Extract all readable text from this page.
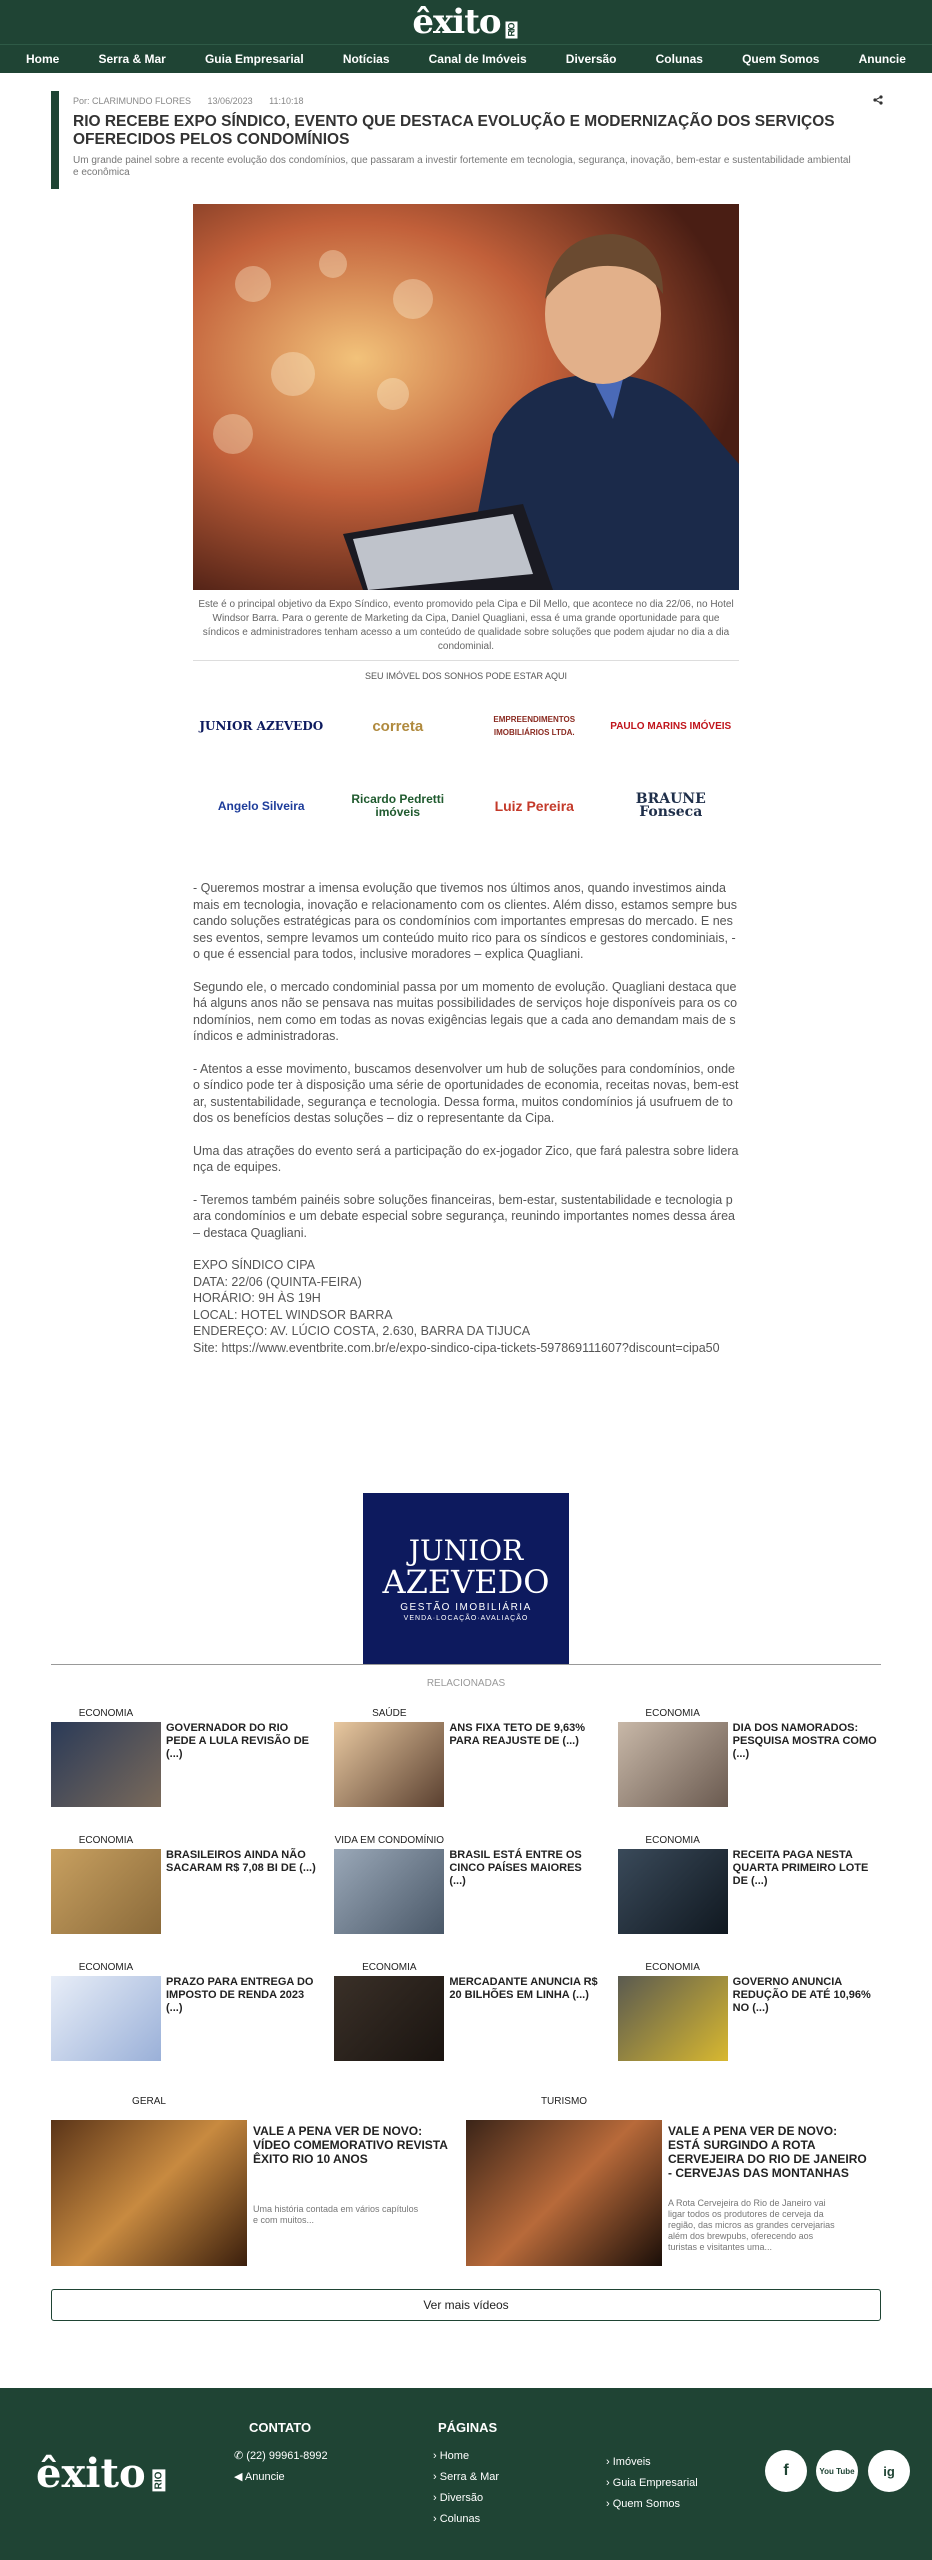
êxito RIO
Home	Serra & Mar	Guia Empresarial	Notícias	Canal de Imóveis	Diversão	Colunas	Quem Somos	Anuncie
Por: CLARIMUNDO FLORES 13/06/2023 11:10:18
RIO RECEBE EXPO SÍNDICO, EVENTO QUE DESTACA EVOLUÇÃO E MODERNIZAÇÃO DOS SERVIÇOS OFERECIDOS PELOS CONDOMÍNIOS
Um grande painel sobre a recente evolução dos condomínios, que passaram a investir fortemente em tecnologia, segurança, inovação, bem-estar e sustentabilidade ambiental e econômica
Este é o principal objetivo da Expo Síndico, evento promovido pela Cipa e Dil Mello, que acontece no dia 22/06, no Hotel Windsor Barra. Para o gerente de Marketing da Cipa, Daniel Quagliani, essa é uma grande oportunidade para que síndicos e administradores tenham acesso a um conteúdo de qualidade sobre soluções que podem ajudar no dia a dia condominial.
SEU IMÓVEL DOS SONHOS PODE ESTAR AQUI
JUNIOR AZEVEDO	correta	EMPREENDIMENTOS IMOBILIÁRIOS LTDA.
PAULO MARINS IMÓVEIS
Angelo Silveira	Ricardo Pedretti imóveis	Luiz Pereira	BRAUNE Fonseca

- Queremos mostrar a imensa evolução que tivemos nos últimos anos, quando investimos ainda mais em tecnologia, inovação e relacionamento com os clientes. Além disso, estamos sempre buscando soluções estratégicas para os condomínios com importantes empresas do mercado. E nesses eventos, sempre levamos um conteúdo muito rico para os síndicos e gestores condominiais, - o que é essencial para todos, inclusive moradores – explica Quagliani.

Segundo ele, o mercado condominial passa por um momento de evolução. Quagliani destaca que há alguns anos não se pensava nas muitas possibilidades de serviços hoje disponíveis para os condomínios, nem como em todas as novas exigências legais que a cada ano demandam mais de síndicos e administradoras.

- Atentos a esse movimento, buscamos desenvolver um hub de soluções para condomínios, onde o síndico pode ter à disposição uma série de oportunidades de economia, receitas novas, bem-estar, sustentabilidade, segurança e tecnologia. Dessa forma, muitos condomínios já usufruem de todos os benefícios destas soluções – diz o representante da Cipa.

Uma das atrações do evento será a participação do ex-jogador Zico, que fará palestra sobre liderança de equipes.

- Teremos também painéis sobre soluções financeiras, bem-estar, sustentabilidade e tecnologia para condomínios e um debate especial sobre segurança, reunindo importantes nomes dessa área – destaca Quagliani.

EXPO SÍNDICO CIPA
DATA: 22/06 (QUINTA-FEIRA)
HORÁRIO: 9H ÀS 19H
LOCAL: HOTEL WINDSOR BARRA
ENDEREÇO: AV. LÚCIO COSTA, 2.630, BARRA DA TIJUCA
Site: https://www.eventbrite.com.br/e/expo-sindico-cipa-tickets-597869111607?discount=cipa50

JUNIOR
AZEVEDO
GESTÃO IMOBILIÁRIA
VENDA·LOCAÇÃO·AVALIAÇÃO
RELACIONADAS
ECONOMIA
GOVERNADOR DO RIO PEDE A LULA REVISÃO DE (...)
SAÚDE
ANS FIXA TETO DE 9,63% PARA REAJUSTE DE (...)
ECONOMIA
DIA DOS NAMORADOS: PESQUISA MOSTRA COMO (...)
ECONOMIA
BRASILEIROS AINDA NÃO SACARAM R$ 7,08 BI DE (...)
VIDA EM CONDOMÍNIO
BRASIL ESTÁ ENTRE OS CINCO PAÍSES MAIORES (...)
ECONOMIA
RECEITA PAGA NESTA QUARTA PRIMEIRO LOTE DE (...)
ECONOMIA
PRAZO PARA ENTREGA DO IMPOSTO DE RENDA 2023 (...)
ECONOMIA
MERCADANTE ANUNCIA R$ 20 BILHÕES EM LINHA (...)
ECONOMIA
GOVERNO ANUNCIA REDUÇÃO DE ATÉ 10,96% NO (...)
GERAL
VALE A PENA VER DE NOVO: VÍDEO COMEMORATIVO REVISTA ÊXITO RIO 10 ANOS
Uma história contada em vários capítulos e com muitos...
TURISMO
VALE A PENA VER DE NOVO: ESTÁ SURGINDO A ROTA CERVEJEIRA DO RIO DE JANEIRO - CERVEJAS DAS MONTANHAS
A Rota Cervejeira do Rio de Janeiro vai ligar todos os produtores de cerveja da região, das micros as grandes cervejarias além dos brewpubs, oferecendo aos turistas e visitantes uma...
Ver mais vídeos
êxito RIO
CONTATO
✆ (22) 99961-8992
◀ Anuncie
PÁGINAS
› Home
› Serra & Mar
› Diversão
› Colunas
› Imóveis
› Guia Empresarial
› Quem Somos
f	You Tube ig
